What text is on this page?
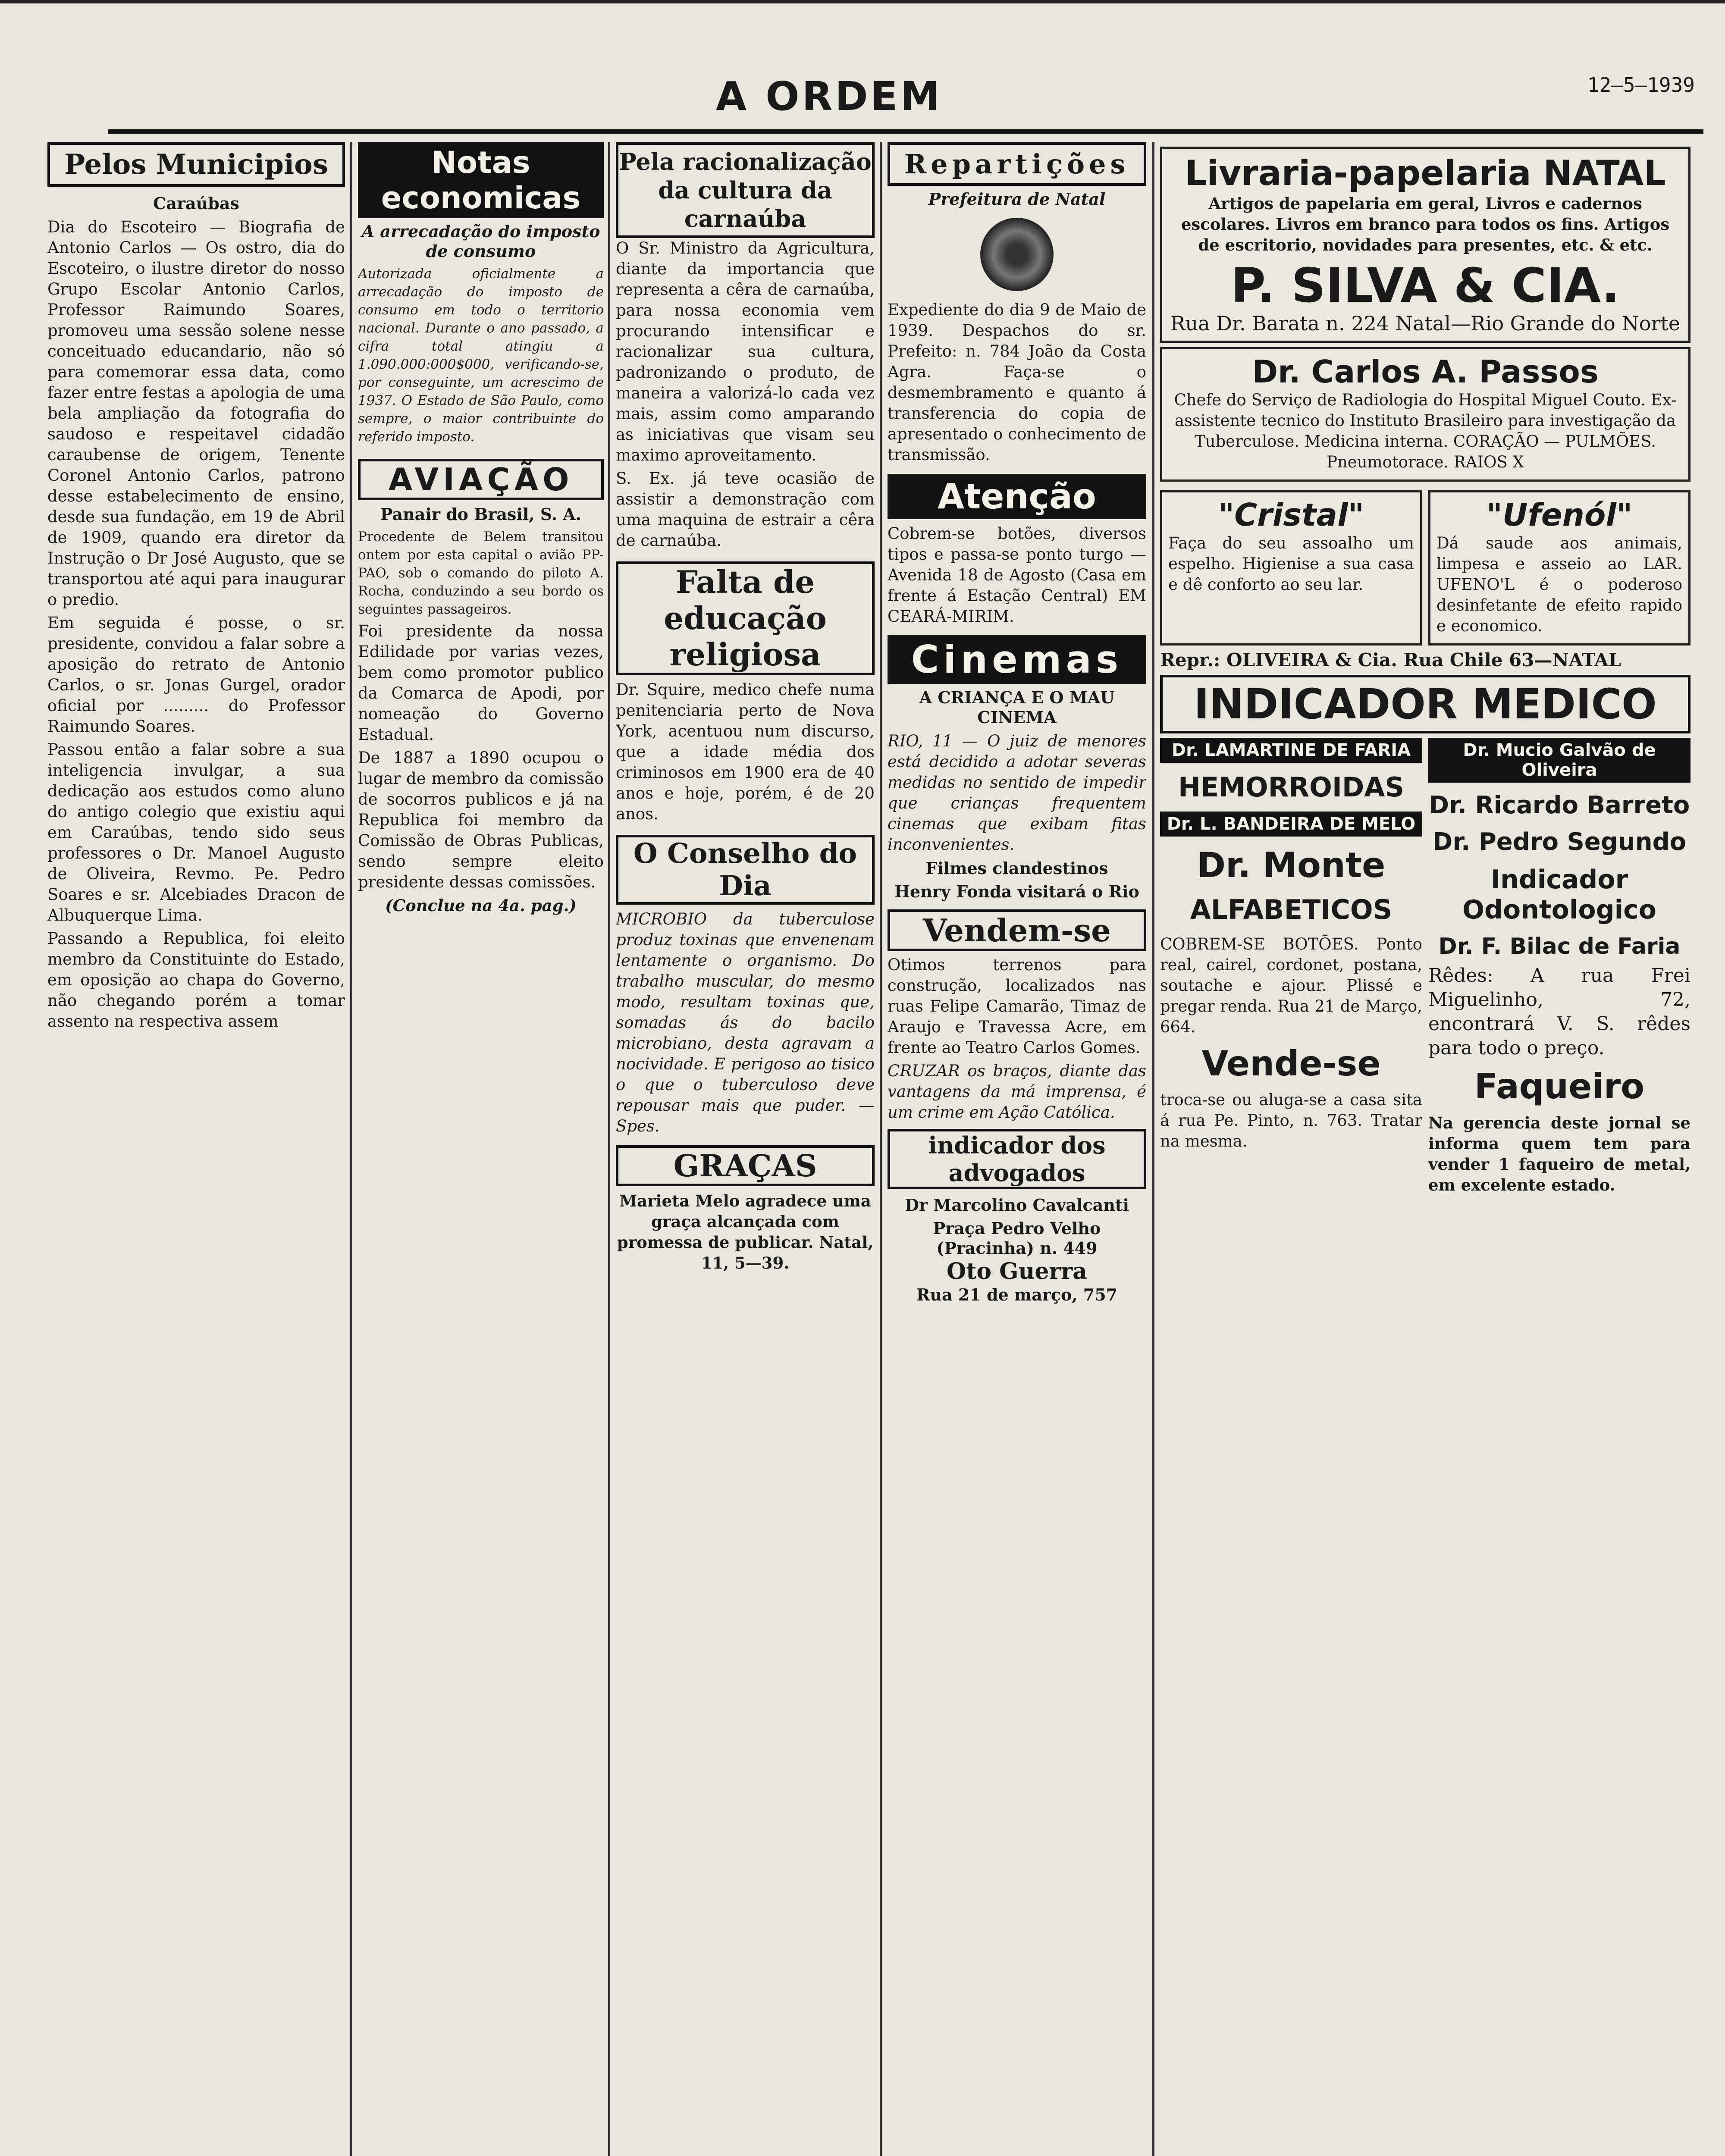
A ORDEM	12—5—1939
Pelos Municipios
Caraúbas

Dia do Escoteiro — Biografia de Antonio Carlos — Os ostro, dia do Escoteiro, o ilustre diretor do nosso Grupo Escolar Antonio Carlos, Professor Raimundo Soares, promoveu uma sessão solene nesse conceituado educandario, não só para comemorar essa data, como fazer entre festas a apologia de uma bela ampliação da fotografia do saudoso e respeitavel cidadão caraubense de origem, Tenente Coronel Antonio Carlos, patrono desse estabelecimento de ensino, desde sua fundação, em 19 de Abril de 1909, quando era diretor da Instrução o Dr José Augusto, que se transportou até aqui para inaugurar o predio.

Em seguida é posse, o sr. presidente, convidou a falar sobre a aposição do retrato de Antonio Carlos, o sr. Jonas Gurgel, orador oficial por ......... do Professor Raimundo Soares.

Passou então a falar sobre a sua inteligencia invulgar, a sua dedicação aos estudos como aluno do antigo colegio que existiu aqui em Caraúbas, tendo sido seus professores o Dr. Manoel Augusto de Oliveira, Revmo. Pe. Pedro Soares e sr. Alcebiades Dracon de Albuquerque Lima.

Passando a Republica, foi eleito membro da Constituinte do Estado, em oposição ao chapa do Governo, não chegando porém a tomar assento na respectiva assem

Notas economicas
A arrecadação do imposto de consumo

Autorizada oficialmente a arrecadação do imposto de consumo em todo o territorio nacional. Durante o ano passado, a cifra total atingiu a 1.090.000:000$000, verificando-se, por conseguinte, um acrescimo de 1937. O Estado de São Paulo, como sempre, o maior contribuinte do referido imposto.

AVIAÇÃO
Panair do Brasil, S. A.

Procedente de Belem transitou ontem por esta capital o avião PP-PAO, sob o comando do piloto A. Rocha, conduzindo a seu bordo os seguintes passageiros.

Foi presidente da nossa Edilidade por varias vezes, bem como promotor publico da Comarca de Apodi, por nomeação do Governo Estadual.

De 1887 a 1890 ocupou o lugar de membro da comissão de socorros publicos e já na Republica foi membro da Comissão de Obras Publicas, sendo sempre eleito presidente dessas comissões.

(Conclue na 4a. pag.)

Pela racionalização da cultura da carnaúba

O Sr. Ministro da Agricultura, diante da importancia que representa a cêra de carnaúba, para nossa economia vem procurando intensificar e racionalizar sua cultura, padronizando o produto, de maneira a valorizá-lo cada vez mais, assim como amparando as iniciativas que visam seu maximo aproveitamento.

S. Ex. já teve ocasião de assistir a demonstração com uma maquina de estrair a cêra de carnaúba.

Falta de educação religiosa

Dr. Squire, medico chefe numa penitenciaria perto de Nova York, acentuou num discurso, que a idade média dos criminosos em 1900 era de 40 anos e hoje, porém, é de 20 anos.

O Conselho do Dia

MICROBIO da tuberculose produz toxinas que envenenam lentamente o organismo. Do trabalho muscular, do mesmo modo, resultam toxinas que, somadas ás do bacilo microbiano, desta agravam a nocividade. E perigoso ao tisico o que o tuberculoso deve repousar mais que puder. — Spes.

GRAÇAS

Marieta Melo agradece uma graça alcançada com promessa de publicar. Natal, 11, 5—39.

Repartições
Prefeitura de Natal

Expediente do dia 9 de Maio de 1939. Despachos do sr. Prefeito: n. 784 João da Costa Agra. Faça-se o desmembramento e quanto á transferencia do copia de apresentado o conhecimento de transmissão.

Atenção

Cobrem-se botões, diversos tipos e passa-se ponto turgo — Avenida 18 de Agosto (Casa em frente á Estação Central) EM CEARÁ-MIRIM.

Cinemas
A CRIANÇA E O MAU CINEMA

RIO, 11 — O juiz de menores está decidido a adotar severas medidas no sentido de impedir que crianças frequentem cinemas que exibam fitas inconvenientes.

Filmes clandestinos
Henry Fonda visitará o Rio
Vendem-se

Otimos terrenos para construção, localizados nas ruas Felipe Camarão, Timaz de Araujo e Travessa Acre, em frente ao Teatro Carlos Gomes.

CRUZAR os braços, diante das vantagens da má imprensa, é um crime em Ação Católica.

indicador dos advogados
Dr Marcolino Cavalcanti
Praça Pedro Velho (Pracinha) n. 449
Oto Guerra
Rua 21 de março, 757
Livraria-papelaria NATAL

Artigos de papelaria em geral, Livros e cadernos escolares. Livros em branco para todos os fins. Artigos de escritorio, novidades para presentes, etc. & etc.

P. SILVA & CIA.

Rua Dr. Barata n. 224 Natal—Rio Grande do Norte

Dr. Carlos A. Passos

Chefe do Serviço de Radiologia do Hospital Miguel Couto. Ex-assistente tecnico do Instituto Brasileiro para investigação da Tuberculose. Medicina interna. CORAÇÃO — PULMÕES. Pneumotorace. RAIOS X

"Cristal"

Faça do seu assoalho um espelho. Higienise a sua casa e dê conforto ao seu lar.

"Ufenól"

Dá saude aos animais, limpesa e asseio ao LAR. UFENO'L é o poderoso desinfetante de efeito rapido e economico.

Repr.: OLIVEIRA & Cia. Rua Chile 63—NATAL

INDICADOR MEDICO
Dr. LAMARTINE DE FARIA
HEMORROIDAS
Dr. L. BANDEIRA DE MELO
Dr. Monte
ALFABETICOS

COBREM-SE BOTÕES. Ponto real, cairel, cordonet, postana, soutache e ajour. Plissé e pregar renda. Rua 21 de Março, 664.

Vende-se

troca-se ou aluga-se a casa sita á rua Pe. Pinto, n. 763. Tratar na mesma.

Dr. Mucio Galvão de Oliveira
Dr. Ricardo Barreto
Dr. Pedro Segundo
Indicador Odontologico
Dr. F. Bilac de Faria

Rêdes: A rua Frei Miguelinho, 72, encontrará V. S. rêdes para todo o preço.

Faqueiro

Na gerencia deste jornal se informa quem tem para vender 1 faqueiro de metal, em excelente estado.
